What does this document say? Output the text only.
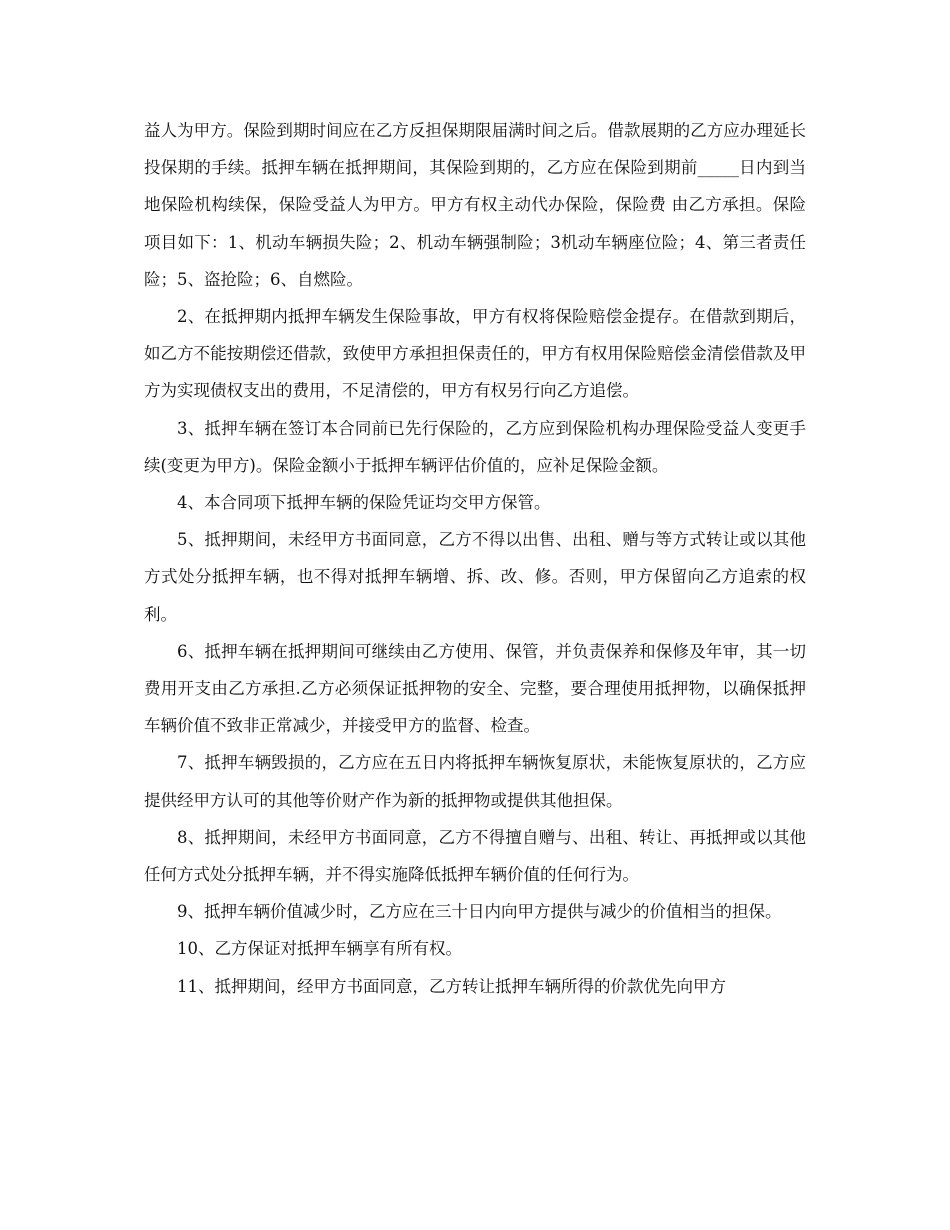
益人为甲方。保险到期时间应在乙方反担保期限届满时间之后。借款展期的乙方应办理延长投保期的手续。抵押车辆在抵押期间，其保险到期的，乙方应在保险到期前_____日内到当地保险机构续保，保险受益人为甲方。甲方有权主动代办保险，保险费 由乙方承担。保险项目如下：1、机动车辆损失险；2、机动车辆强制险；3机动车辆座位险；4、第三者责任险；5、盗抢险；6、自燃险。

2、在抵押期内抵押车辆发生保险事故，甲方有权将保险赔偿金提存。在借款到期后，如乙方不能按期偿还借款，致使甲方承担担保责任的，甲方有权用保险赔偿金清偿借款及甲方为实现债权支出的费用，不足清偿的，甲方有权另行向乙方追偿。

3、抵押车辆在签订本合同前已先行保险的，乙方应到保险机构办理保险受益人变更手续(变更为甲方)。保险金额小于抵押车辆评估价值的，应补足保险金额。

4、本合同项下抵押车辆的保险凭证均交甲方保管。

5、抵押期间，未经甲方书面同意，乙方不得以出售、出租、赠与等方式转让或以其他方式处分抵押车辆，也不得对抵押车辆增、拆、改、修。否则，甲方保留向乙方追索的权利。

6、抵押车辆在抵押期间可继续由乙方使用、保管，并负责保养和保修及年审，其一切费用开支由乙方承担.乙方必须保证抵押物的安全、完整，要合理使用抵押物，以确保抵押车辆价值不致非正常减少，并接受甲方的监督、检查。

7、抵押车辆毁损的，乙方应在五日内将抵押车辆恢复原状，未能恢复原状的，乙方应提供经甲方认可的其他等价财产作为新的抵押物或提供其他担保。

8、抵押期间，未经甲方书面同意，乙方不得擅自赠与、出租、转让、再抵押或以其他任何方式处分抵押车辆，并不得实施降低抵押车辆价值的任何行为。

9、抵押车辆价值减少时，乙方应在三十日内向甲方提供与减少的价值相当的担保。

10、乙方保证对抵押车辆享有所有权。

11、抵押期间，经甲方书面同意，乙方转让抵押车辆所得的价款优先向甲方
